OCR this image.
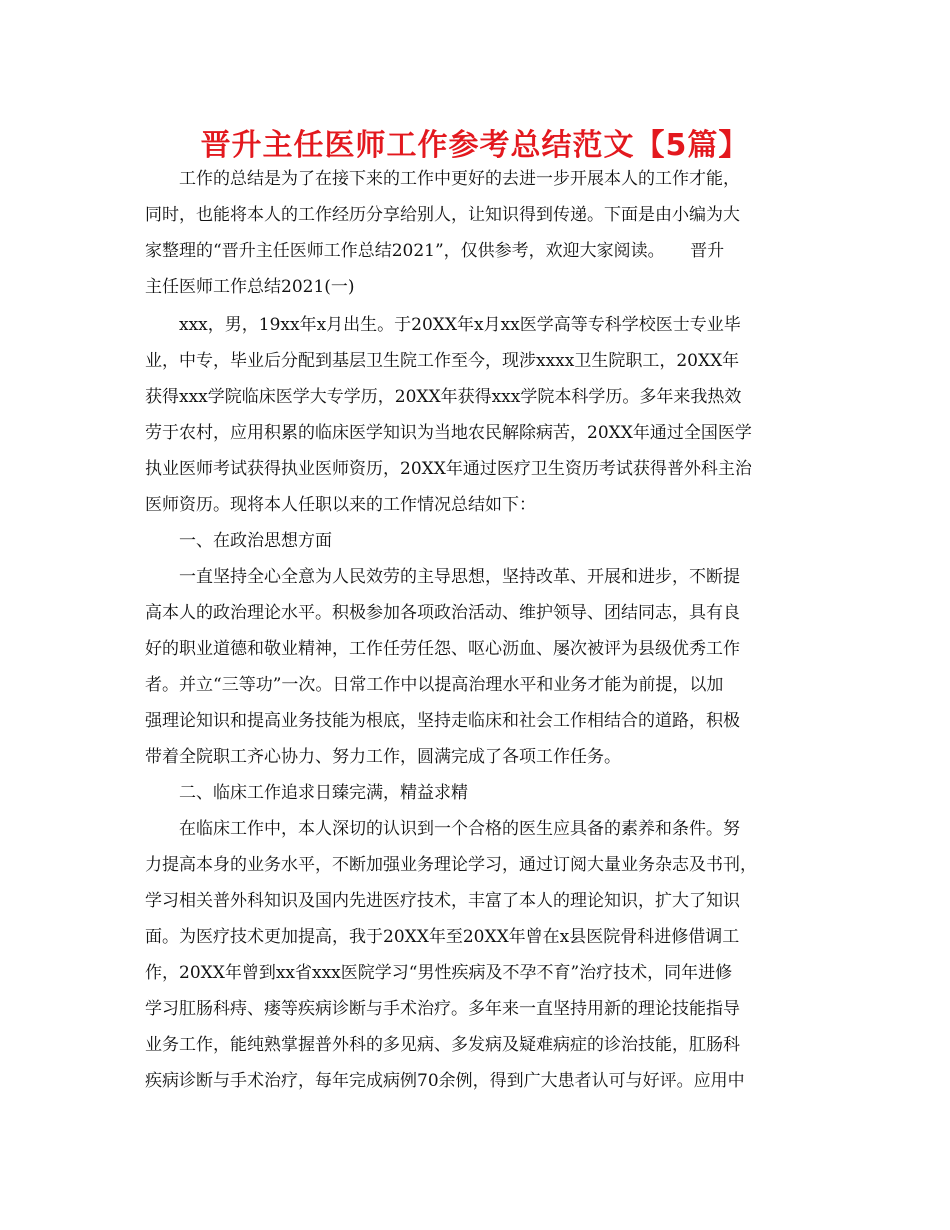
晋升主任医师工作参考总结范文【5篇】
　　工作的总结是为了在接下来的工作中更好的去进一步开展本人的工作才能，
同时，也能将本人的工作经历分享给别人，让知识得到传递。下面是由小编为大
家整理的“晋升主任医师工作总结2021”，仅供参考，欢迎大家阅读。　　晋升
主任医师工作总结2021(一)
　　xxx，男，19xx年x月出生。于20XX年x月xx医学高等专科学校医士专业毕
业，中专，毕业后分配到基层卫生院工作至今，现涉xxxx卫生院职工，20XX年
获得xxx学院临床医学大专学历，20XX年获得xxx学院本科学历。多年来我热效
劳于农村，应用积累的临床医学知识为当地农民解除病苦，20XX年通过全国医学
执业医师考试获得执业医师资历，20XX年通过医疗卫生资历考试获得普外科主治
医师资历。现将本人任职以来的工作情况总结如下：
　　一、在政治思想方面
　　一直坚持全心全意为人民效劳的主导思想，坚持改革、开展和进步，不断提
高本人的政治理论水平。积极参加各项政治活动、维护领导、团结同志，具有良
好的职业道德和敬业精神，工作任劳任怨、呕心沥血、屡次被评为县级优秀工作
者。并立“三等功”一次。日常工作中以提高治理水平和业务才能为前提，以加
强理论知识和提高业务技能为根底，坚持走临床和社会工作相结合的道路，积极
带着全院职工齐心协力、努力工作，圆满完成了各项工作任务。
　　二、临床工作追求日臻完满，精益求精
　　在临床工作中，本人深切的认识到一个合格的医生应具备的素养和条件。努
力提高本身的业务水平，不断加强业务理论学习，通过订阅大量业务杂志及书刊，
学习相关普外科知识及国内先进医疗技术，丰富了本人的理论知识，扩大了知识
面。为医疗技术更加提高，我于20XX年至20XX年曾在x县医院骨科进修借调工
作，20XX年曾到xx省xxx医院学习“男性疾病及不孕不育”治疗技术，同年进修
学习肛肠科痔、瘘等疾病诊断与手术治疗。多年来一直坚持用新的理论技能指导
业务工作，能纯熟掌握普外科的多见病、多发病及疑难病症的诊治技能，肛肠科
疾病诊断与手术治疗，每年完成病例70余例，得到广大患者认可与好评。应用中
